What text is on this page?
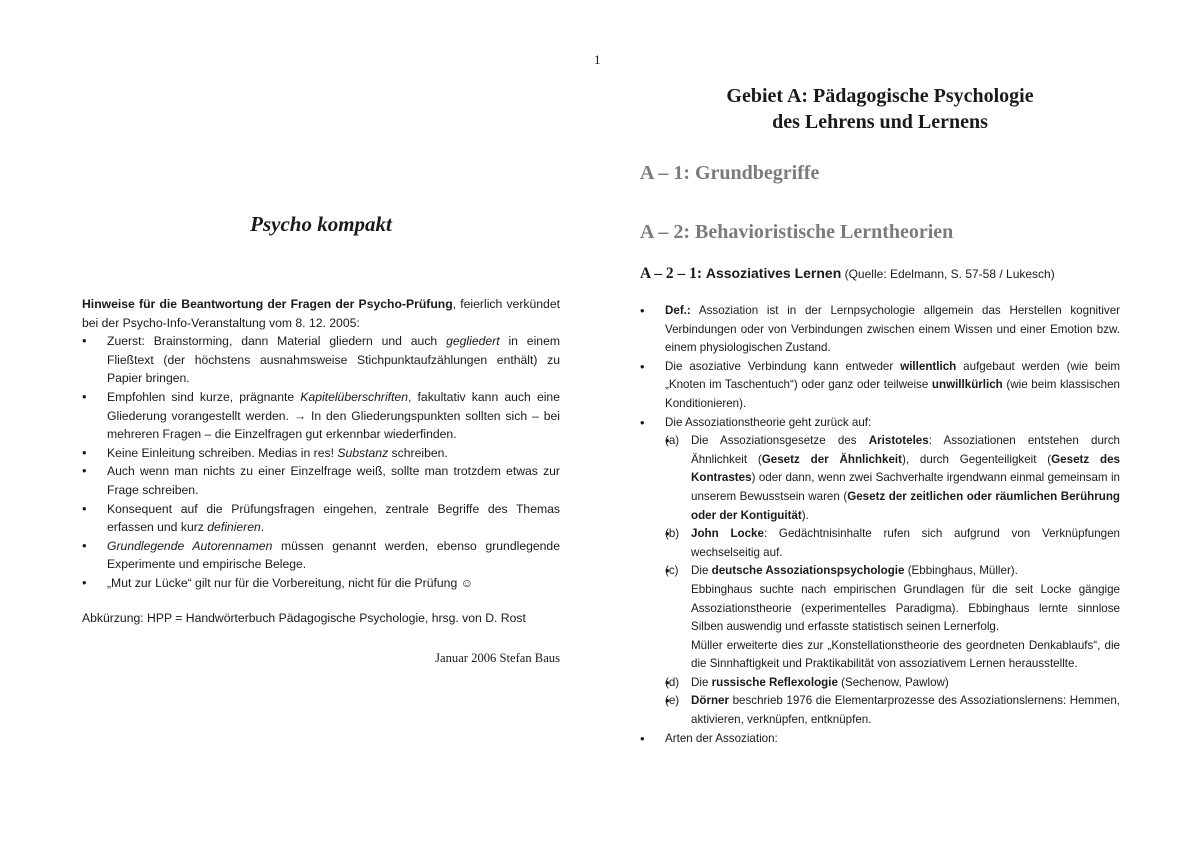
1
Psycho kompakt
Hinweise für die Beantwortung der Fragen der Psycho-Prüfung, feierlich verkündet bei der Psycho-Info-Veranstaltung vom 8. 12. 2005:
• Zuerst: Brainstorming, dann Material gliedern und auch gegliedert in einem Fließtext (der höchstens ausnahmsweise Stichpunktaufzählungen enthält) zu Papier bringen.
• Empfohlen sind kurze, prägnante Kapitelüberschriften, fakultativ kann auch eine Gliederung vorangestellt werden. → In den Gliederungspunkten sollten sich – bei mehreren Fragen – die Einzelfragen gut erkennbar wiederfinden.
• Keine Einleitung schreiben. Medias in res! Substanz schreiben.
• Auch wenn man nichts zu einer Einzelfrage weiß, sollte man trotzdem etwas zur Frage schreiben.
• Konsequent auf die Prüfungsfragen eingehen, zentrale Begriffe des Themas erfassen und kurz definieren.
• Grundlegende Autorennamen müssen genannt werden, ebenso grundlegende Experimente und empirische Belege.
• „Mut zur Lücke“ gilt nur für die Vorbereitung, nicht für die Prüfung ☺
Abkürzung: HPP = Handwörterbuch Pädagogische Psychologie, hrsg. von D. Rost
Januar 2006 Stefan Baus
Gebiet A: Pädagogische Psychologie
des Lehrens und Lernens
A – 1: Grundbegriffe
A – 2: Behavioristische Lerntheorien
A – 2 – 1: Assoziatives Lernen (Quelle: Edelmann, S. 57-58 / Lukesch)
• Def.: Assoziation ist in der Lernpsychologie allgemein das Herstellen kognitiver Verbindungen oder von Verbindungen zwischen einem Wissen und einer Emotion bzw. einem physiologischen Zustand.
• Die asoziative Verbindung kann entweder willentlich aufgebaut werden (wie beim „Knoten im Taschentuch“) oder ganz oder teilweise unwillkürlich (wie beim klassischen Konditionieren).
• Die Assoziationstheorie geht zurück auf:
• (a) Die Assoziationsgesetze des Aristoteles: Assoziationen entstehen durch Ähnlichkeit (Gesetz der Ähnlichkeit), durch Gegenteiligkeit (Gesetz des Kontrastes) oder dann, wenn zwei Sachverhalte irgendwann einmal gemeinsam in unserem Bewusstsein waren (Gesetz der zeitlichen oder räumlichen Berührung oder der Kontiguität).
• (b) John Locke: Gedächtnisinhalte rufen sich aufgrund von Verknüpfungen wechselseitig auf.
• (c) Die deutsche Assoziationspsychologie (Ebbinghaus, Müller).
Ebbinghaus suchte nach empirischen Grundlagen für die seit Locke gängige Assoziationstheorie (experimentelles Paradigma). Ebbinghaus lernte sinnlose Silben auswendig und erfasste statistisch seinen Lernerfolg.
Müller erweiterte dies zur „Konstellationstheorie des geordneten Denkablaufs“, die die Sinnhaftigkeit und Praktikabilität von assoziativem Lernen herausstellte.
• (d) Die russische Reflexologie (Sechenow, Pawlow)
• (e) Dörner beschrieb 1976 die Elementarprozesse des Assoziationslernens: Hemmen, aktivieren, verknüpfen, entknüpfen.
• Arten der Assoziation:
